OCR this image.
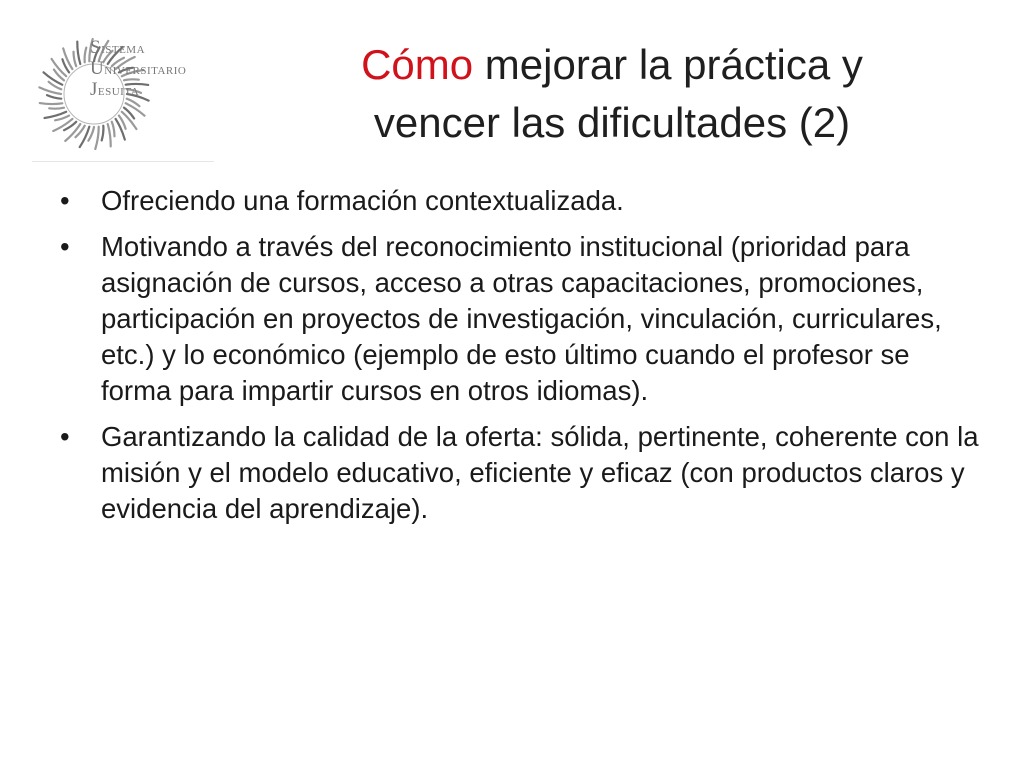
Sistema
Universitario
Jesuita
Cómo mejorar la práctica y
vencer las dificultades (2)
•	Ofreciendo una formación contextualizada.
•	Motivando a través del reconocimiento institucional (prioridad para asignación de cursos, acceso a otras capacitaciones, promociones, participación en proyectos de investigación, vinculación, curriculares, etc.) y lo económico (ejemplo de esto último cuando el profesor se forma para impartir cursos en otros idiomas).
•	Garantizando la calidad de la oferta: sólida, pertinente, coherente con la misión y el modelo educativo, eficiente y eficaz (con productos claros y evidencia del aprendizaje).
